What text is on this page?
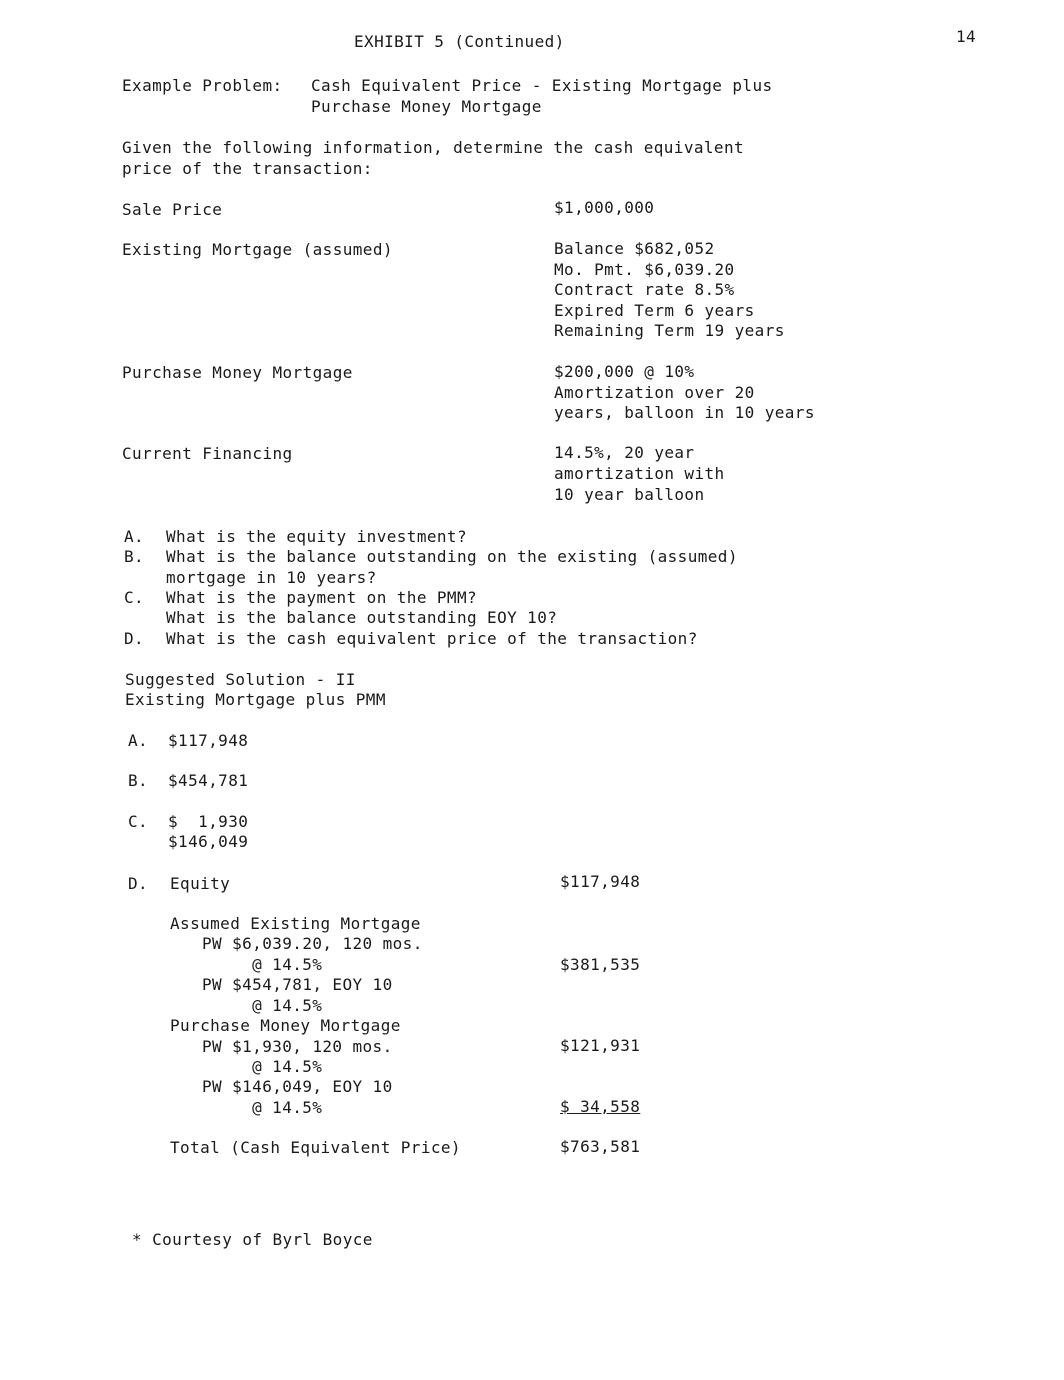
EXHIBIT 5 (Continued)	14
Example Problem: Cash Equivalent Price - Existing Mortgage plus
Purchase Money Mortgage
Given the following information, determine the cash equivalent
price of the transaction:
Sale Price	$1,000,000
Existing Mortgage (assumed)	Balance $682,052
Mo. Pmt. $6,039.20
Contract rate 8.5%
Expired Term 6 years
Remaining Term 19 years
Purchase Money Mortgage	$200,000 @ 10%
Amortization over 20
years, balloon in 10 years
Current Financing	14.5%, 20 year
amortization with
10 year balloon
A. What is the equity investment?
B. What is the balance outstanding on the existing (assumed)
mortgage in 10 years?
C. What is the payment on the PMM?
What is the balance outstanding EOY 10?
D. What is the cash equivalent price of the transaction?
Suggested Solution - II
Existing Mortgage plus PMM
A. $117,948
B. $454,781
C. $  1,930
$146,049
D. Equity	$117,948
Assumed Existing Mortgage
PW $6,039.20, 120 mos.
@ 14.5%	$381,535
PW $454,781, EOY 10
@ 14.5%
Purchase Money Mortgage
PW $1,930, 120 mos.	$121,931
@ 14.5%
PW $146,049, EOY 10
@ 14.5%	$ 34,558
Total (Cash Equivalent Price)	$763,581
* Courtesy of Byrl Boyce
